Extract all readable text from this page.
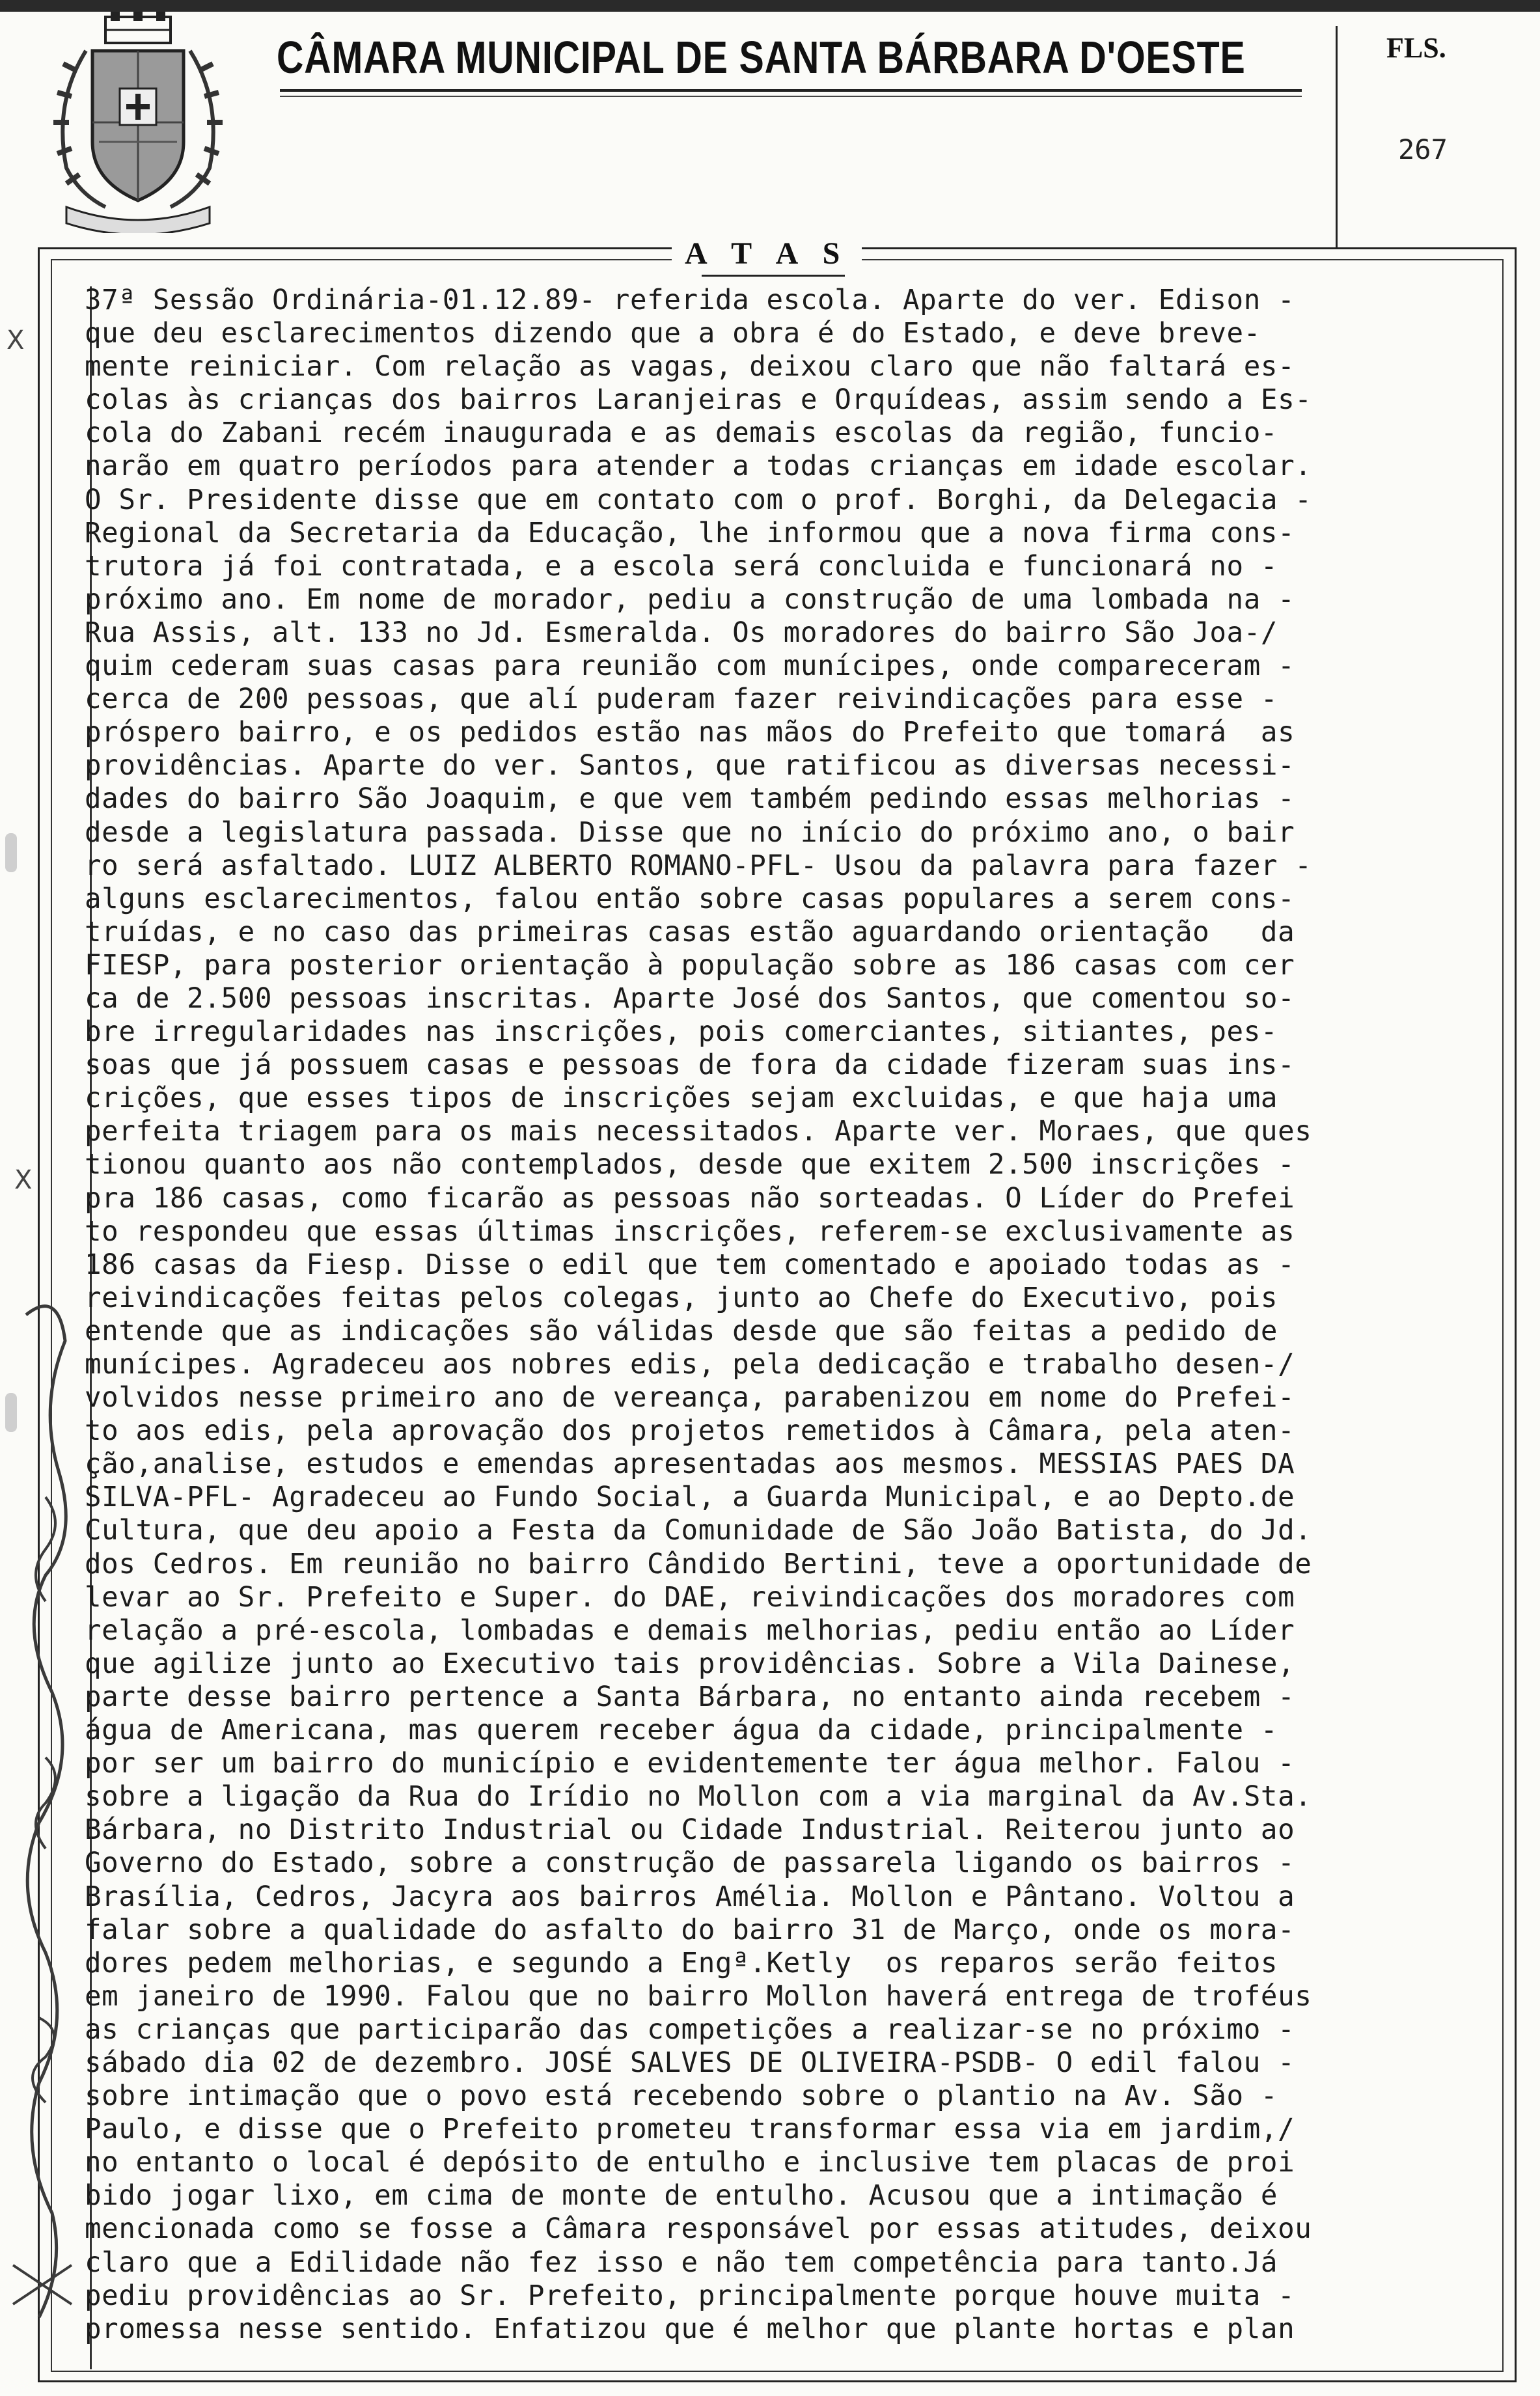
CÂMARA MUNICIPAL DE SANTA BÁRBARA D'OESTE	FLS.
267
A T A S
37ª Sessão Ordinária-01.12.89- referida escola. Aparte do ver. Edison -
que deu esclarecimentos dizendo que a obra é do Estado, e deve breve-
mente reiniciar. Com relação as vagas, deixou claro que não faltará es-
colas às crianças dos bairros Laranjeiras e Orquídeas, assim sendo a Es-
cola do Zabani recém inaugurada e as demais escolas da região, funcio-
narão em quatro períodos para atender a todas crianças em idade escolar.
O Sr. Presidente disse que em contato com o prof. Borghi, da Delegacia -
Regional da Secretaria da Educação, lhe informou que a nova firma cons-
trutora já foi contratada, e a escola será concluida e funcionará no -
próximo ano. Em nome de morador, pediu a construção de uma lombada na -
Rua Assis, alt. 133 no Jd. Esmeralda. Os moradores do bairro São Joa-/
quim cederam suas casas para reunião com munícipes, onde compareceram -
cerca de 200 pessoas, que alí puderam fazer reivindicações para esse -
próspero bairro, e os pedidos estão nas mãos do Prefeito que tomará  as
providências. Aparte do ver. Santos, que ratificou as diversas necessi-
dades do bairro São Joaquim, e que vem também pedindo essas melhorias -
desde a legislatura passada. Disse que no início do próximo ano, o bair
ro será asfaltado. LUIZ ALBERTO ROMANO-PFL- Usou da palavra para fazer -
alguns esclarecimentos, falou então sobre casas populares a serem cons-
truídas, e no caso das primeiras casas estão aguardando orientação   da
FIESP, para posterior orientação à população sobre as 186 casas com cer
ca de 2.500 pessoas inscritas. Aparte José dos Santos, que comentou so-
bre irregularidades nas inscrições, pois comerciantes, sitiantes, pes-
soas que já possuem casas e pessoas de fora da cidade fizeram suas ins-
crições, que esses tipos de inscrições sejam excluidas, e que haja uma
perfeita triagem para os mais necessitados. Aparte ver. Moraes, que ques
tionou quanto aos não contemplados, desde que exitem 2.500 inscrições -
pra 186 casas, como ficarão as pessoas não sorteadas. O Líder do Prefei
to respondeu que essas últimas inscrições, referem-se exclusivamente as
186 casas da Fiesp. Disse o edil que tem comentado e apoiado todas as -
reivindicações feitas pelos colegas, junto ao Chefe do Executivo, pois
entende que as indicações são válidas desde que são feitas a pedido de
munícipes. Agradeceu aos nobres edis, pela dedicação e trabalho desen-/
volvidos nesse primeiro ano de vereança, parabenizou em nome do Prefei-
to aos edis, pela aprovação dos projetos remetidos à Câmara, pela aten-
ção,analise, estudos e emendas apresentadas aos mesmos. MESSIAS PAES DA
SILVA-PFL- Agradeceu ao Fundo Social, a Guarda Municipal, e ao Depto.de
Cultura, que deu apoio a Festa da Comunidade de São João Batista, do Jd.
dos Cedros. Em reunião no bairro Cândido Bertini, teve a oportunidade de
levar ao Sr. Prefeito e Super. do DAE, reivindicações dos moradores com
relação a pré-escola, lombadas e demais melhorias, pediu então ao Líder
que agilize junto ao Executivo tais providências. Sobre a Vila Dainese,
parte desse bairro pertence a Santa Bárbara, no entanto ainda recebem -
água de Americana, mas querem receber água da cidade, principalmente -
por ser um bairro do município e evidentemente ter água melhor. Falou -
sobre a ligação da Rua do Irídio no Mollon com a via marginal da Av.Sta.
Bárbara, no Distrito Industrial ou Cidade Industrial. Reiterou junto ao
Governo do Estado, sobre a construção de passarela ligando os bairros -
Brasília, Cedros, Jacyra aos bairros Amélia. Mollon e Pântano. Voltou a
falar sobre a qualidade do asfalto do bairro 31 de Março, onde os mora-
dores pedem melhorias, e segundo a Engª.Ketly  os reparos serão feitos
em janeiro de 1990. Falou que no bairro Mollon haverá entrega de troféus
as crianças que participarão das competições a realizar-se no próximo -
sábado dia 02 de dezembro. JOSÉ SALVES DE OLIVEIRA-PSDB- O edil falou -
sobre intimação que o povo está recebendo sobre o plantio na Av. São -
Paulo, e disse que o Prefeito prometeu transformar essa via em jardim,/
no entanto o local é depósito de entulho e inclusive tem placas de proi
bido jogar lixo, em cima de monte de entulho. Acusou que a intimação é
mencionada como se fosse a Câmara responsável por essas atitudes, deixou
claro que a Edilidade não fez isso e não tem competência para tanto.Já
pediu providências ao Sr. Prefeito, principalmente porque houve muita -
promessa nesse sentido. Enfatizou que é melhor que plante hortas e plan
X
X
